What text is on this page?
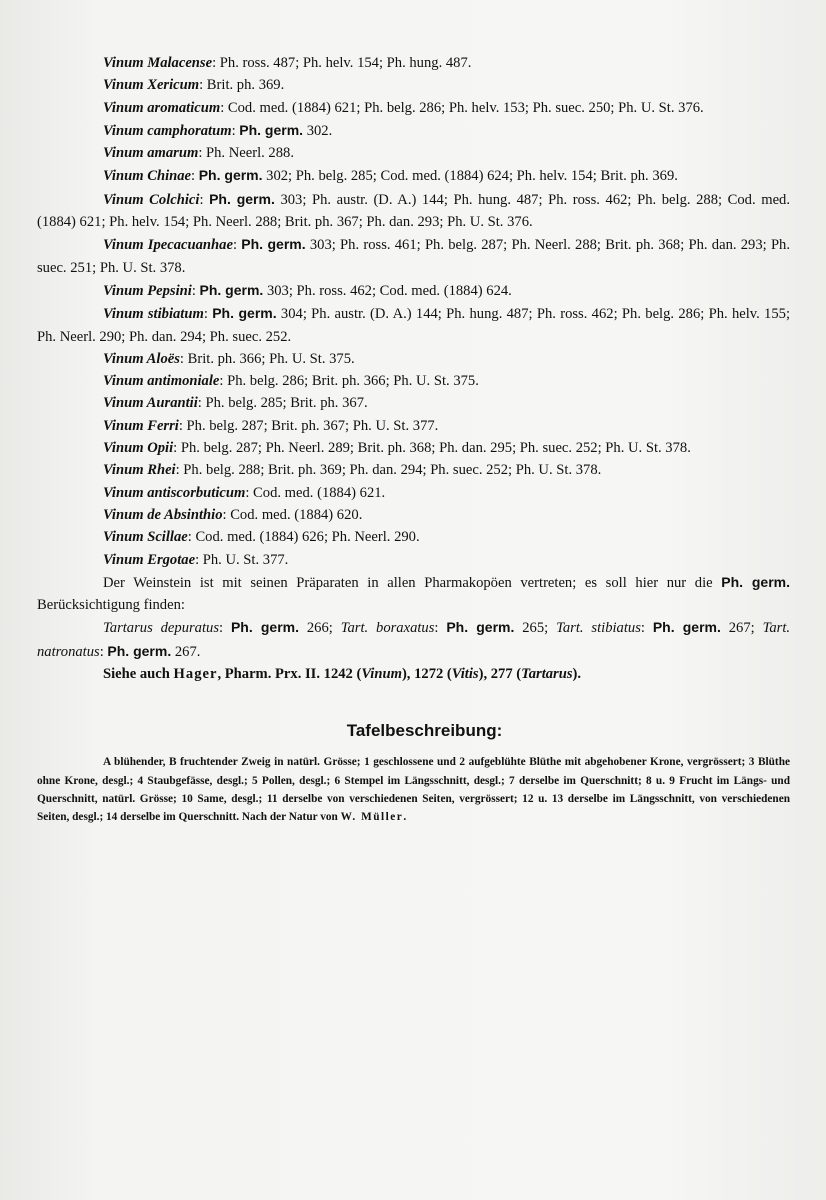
Vinum Malacense: Ph. ross. 487; Ph. helv. 154; Ph. hung. 487.

Vinum Xericum: Brit. ph. 369.

Vinum aromaticum: Cod. med. (1884) 621; Ph. belg. 286; Ph. helv. 153; Ph. suec. 250; Ph. U. St. 376.

Vinum camphoratum: Ph. germ. 302.

Vinum amarum: Ph. Neerl. 288.

Vinum Chinae: Ph. germ. 302; Ph. belg. 285; Cod. med. (1884) 624; Ph. helv. 154; Brit. ph. 369.

Vinum Colchici: Ph. germ. 303; Ph. austr. (D. A.) 144; Ph. hung. 487; Ph. ross. 462; Ph. belg. 288; Cod. med. (1884) 621; Ph. helv. 154; Ph. Neerl. 288; Brit. ph. 367; Ph. dan. 293; Ph. U. St. 376.

Vinum Ipecacuanhae: Ph. germ. 303; Ph. ross. 461; Ph. belg. 287; Ph. Neerl. 288; Brit. ph. 368; Ph. dan. 293; Ph. suec. 251; Ph. U. St. 378.

Vinum Pepsini: Ph. germ. 303; Ph. ross. 462; Cod. med. (1884) 624.

Vinum stibiatum: Ph. germ. 304; Ph. austr. (D. A.) 144; Ph. hung. 487; Ph. ross. 462; Ph. belg. 286; Ph. helv. 155; Ph. Neerl. 290; Ph. dan. 294; Ph. suec. 252.

Vinum Aloës: Brit. ph. 366; Ph. U. St. 375.

Vinum antimoniale: Ph. belg. 286; Brit. ph. 366; Ph. U. St. 375.

Vinum Aurantii: Ph. belg. 285; Brit. ph. 367.

Vinum Ferri: Ph. belg. 287; Brit. ph. 367; Ph. U. St. 377.

Vinum Opii: Ph. belg. 287; Ph. Neerl. 289; Brit. ph. 368; Ph. dan. 295; Ph. suec. 252; Ph. U. St. 378.

Vinum Rhei: Ph. belg. 288; Brit. ph. 369; Ph. dan. 294; Ph. suec. 252; Ph. U. St. 378.

Vinum antiscorbuticum: Cod. med. (1884) 621.

Vinum de Absinthio: Cod. med. (1884) 620.

Vinum Scillae: Cod. med. (1884) 626; Ph. Neerl. 290.

Vinum Ergotae: Ph. U. St. 377.

Der Weinstein ist mit seinen Präparaten in allen Pharmakopöen vertreten; es soll hier nur die Ph. germ. Berücksichtigung finden:

Tartarus depuratus: Ph. germ. 266; Tart. boraxatus: Ph. germ. 265; Tart. stibiatus: Ph. germ. 267; Tart. natronatus: Ph. germ. 267.

Siehe auch Hager, Pharm. Prx. II. 1242 (Vinum), 1272 (Vitis), 277 (Tartarus).

Tafelbeschreibung:

A blühender, B fruchtender Zweig in natürl. Grösse; 1 geschlossene und 2 aufgeblühte Blüthe mit abgehobener Krone, vergrössert; 3 Blüthe ohne Krone, desgl.; 4 Staubgefässe, desgl.; 5 Pollen, desgl.; 6 Stempel im Längsschnitt, desgl.; 7 derselbe im Querschnitt; 8 u. 9 Frucht im Längs- und Querschnitt, natürl. Grösse; 10 Same, desgl.; 11 derselbe von verschiedenen Seiten, vergrössert; 12 u. 13 derselbe im Längsschnitt, von verschiedenen Seiten, desgl.; 14 derselbe im Querschnitt. Nach der Natur von W. Müller.
